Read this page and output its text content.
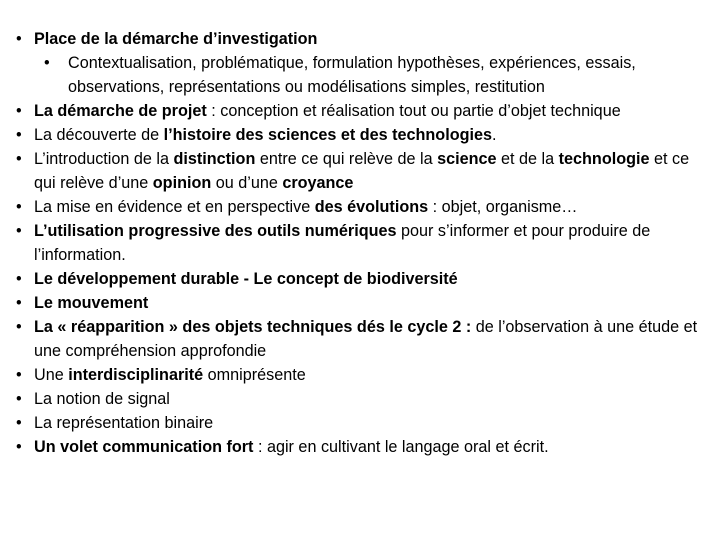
• Place de la démarche d’investigation
• Contextualisation, problématique, formulation hypothèses, expériences, essais, observations, représentations ou modélisations simples, restitution
• La démarche de projet : conception et réalisation tout ou partie d’objet technique
• La découverte de l’histoire des sciences et des technologies.
• L’introduction de la distinction entre ce qui relève de la science et de la technologie et ce qui relève d’une opinion ou d’une croyance
• La mise en évidence et en perspective des évolutions : objet, organisme…
• L’utilisation progressive des outils numériques pour s’informer et pour produire de l’information.
• Le développement durable - Le concept de biodiversité
• Le mouvement
• La « réapparition » des objets techniques dés le cycle 2 : de l’observation à une étude et une compréhension approfondie
• Une interdisciplinarité omniprésente
• La notion de signal
• La représentation binaire
• Un volet communication fort : agir en cultivant le langage oral et écrit.
